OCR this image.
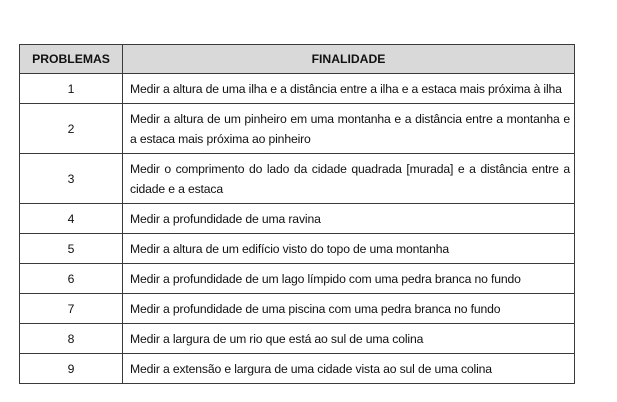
PROBLEMAS	FINALIDADE
1	Medir a altura de uma ilha e a distância entre a ilha e a estaca mais próxima à ilha
2	Medir a altura de um pinheiro em uma montanha e a distância entre a montanha e a estaca mais próxima ao pinheiro
3	Medir o comprimento do lado da cidade quadrada [murada] e a distância entre a cidade e a estaca
4	Medir a profundidade de uma ravina
5	Medir a altura de um edifício visto do topo de uma montanha
6	Medir a profundidade de um lago límpido com uma pedra branca no fundo
7	Medir a profundidade de uma piscina com uma pedra branca no fundo
8	Medir a largura de um rio que está ao sul de uma colina
9	Medir a extensão e largura de uma cidade vista ao sul de uma colina
